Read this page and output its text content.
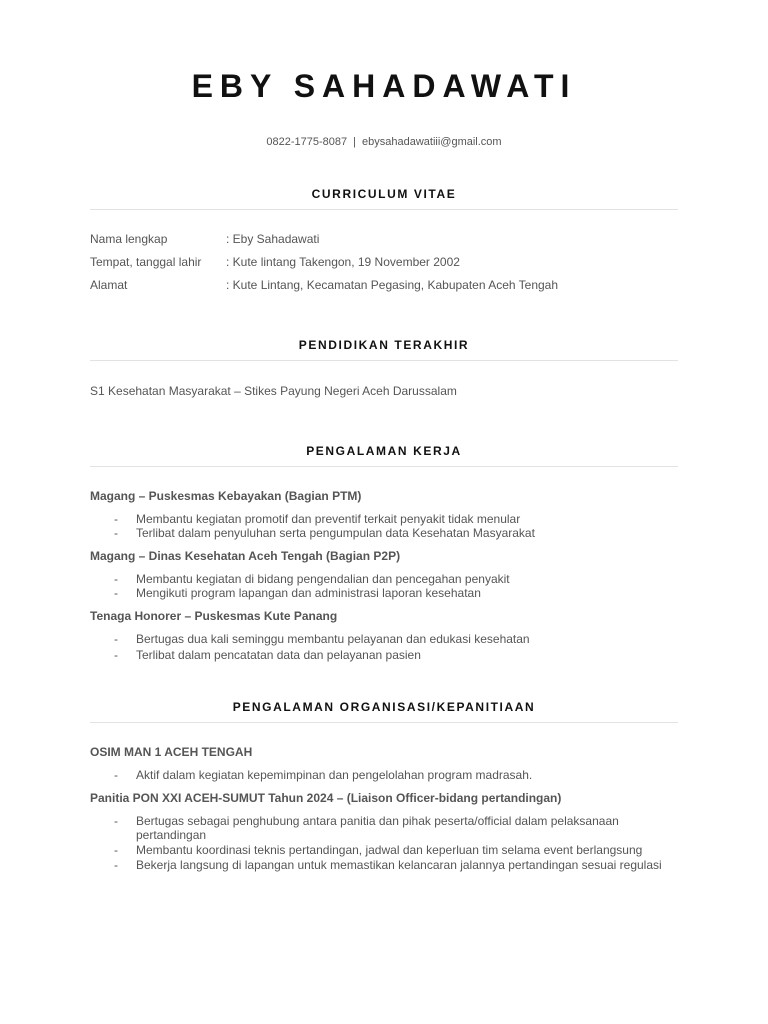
EBY SAHADAWATI
0822-1775-8087 | ebysahadawatiii@gmail.com
CURRICULUM VITAE
Nama lengkap	: Eby Sahadawati
Tempat, tanggal lahir : Kute lintang Takengon, 19 November 2002
Alamat	: Kute Lintang, Kecamatan Pegasing, Kabupaten Aceh Tengah
PENDIDIKAN TERAKHIR
S1 Kesehatan Masyarakat – Stikes Payung Negeri Aceh Darussalam
PENGALAMAN KERJA
Magang – Puskesmas Kebayakan (Bagian PTM)
- Membantu kegiatan promotif dan preventif terkait penyakit tidak menular
- Terlibat dalam penyuluhan serta pengumpulan data Kesehatan Masyarakat
Magang – Dinas Kesehatan Aceh Tengah (Bagian P2P)
- Membantu kegiatan di bidang pengendalian dan pencegahan penyakit
- Mengikuti program lapangan dan administrasi laporan kesehatan
Tenaga Honorer – Puskesmas Kute Panang
- Bertugas dua kali seminggu membantu pelayanan dan edukasi kesehatan
- Terlibat dalam pencatatan data dan pelayanan pasien
PENGALAMAN ORGANISASI/KEPANITIAAN
OSIM MAN 1 ACEH TENGAH
- Aktif dalam kegiatan kepemimpinan dan pengelolahan program madrasah.
Panitia PON XXI ACEH-SUMUT Tahun 2024 – (Liaison Officer-bidang pertandingan)
- Bertugas sebagai penghubung antara panitia dan pihak peserta/official dalam pelaksanaan pertandingan
- Membantu koordinasi teknis pertandingan, jadwal dan keperluan tim selama event berlangsung
- Bekerja langsung di lapangan untuk memastikan kelancaran jalannya pertandingan sesuai regulasi
